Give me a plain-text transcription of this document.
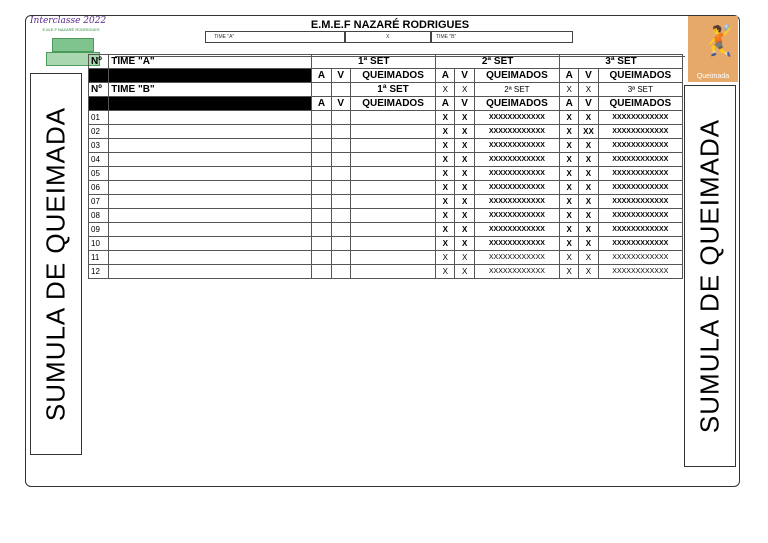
Interclasse 2022
E.M.E.F NAZARÉ RODRIGUES	🤾
Queimada
E.M.E.F NAZARÉ RODRIGUES
TIME "A"	X	TIME "B"
SUMULA DE QUEIMADA	SUMULA DE QUEIMADA
Nº	TIME "A"	1ª SET			2ª SET			3ª SET		
		A	V	QUEIMADOS	A	V	QUEIMADOS	A	V	QUEIMADOS
Nº	TIME "B"			1ª SET	X	X	2ª SET	X	X	3ª SET
		A	V	QUEIMADOS	A	V	QUEIMADOS	A	V	QUEIMADOS
01					X	X	XXXXXXXXXXXX	X	X	XXXXXXXXXXXX
02					X	X	XXXXXXXXXXXX	X	XX	XXXXXXXXXXXX
03					X	X	XXXXXXXXXXXX	X	X	XXXXXXXXXXXX
04					X	X	XXXXXXXXXXXX	X	X	XXXXXXXXXXXX
05					X	X	XXXXXXXXXXXX	X	X	XXXXXXXXXXXX
06					X	X	XXXXXXXXXXXX	X	X	XXXXXXXXXXXX
07					X	X	XXXXXXXXXXXX	X	X	XXXXXXXXXXXX
08					X	X	XXXXXXXXXXXX	X	X	XXXXXXXXXXXX
09					X	X	XXXXXXXXXXXX	X	X	XXXXXXXXXXXX
10					X	X	XXXXXXXXXXXX	X	X	XXXXXXXXXXXX
11					X	X	XXXXXXXXXXXX	X	X	XXXXXXXXXXXX
12					X	X	XXXXXXXXXXXX	X	X	XXXXXXXXXXXX
